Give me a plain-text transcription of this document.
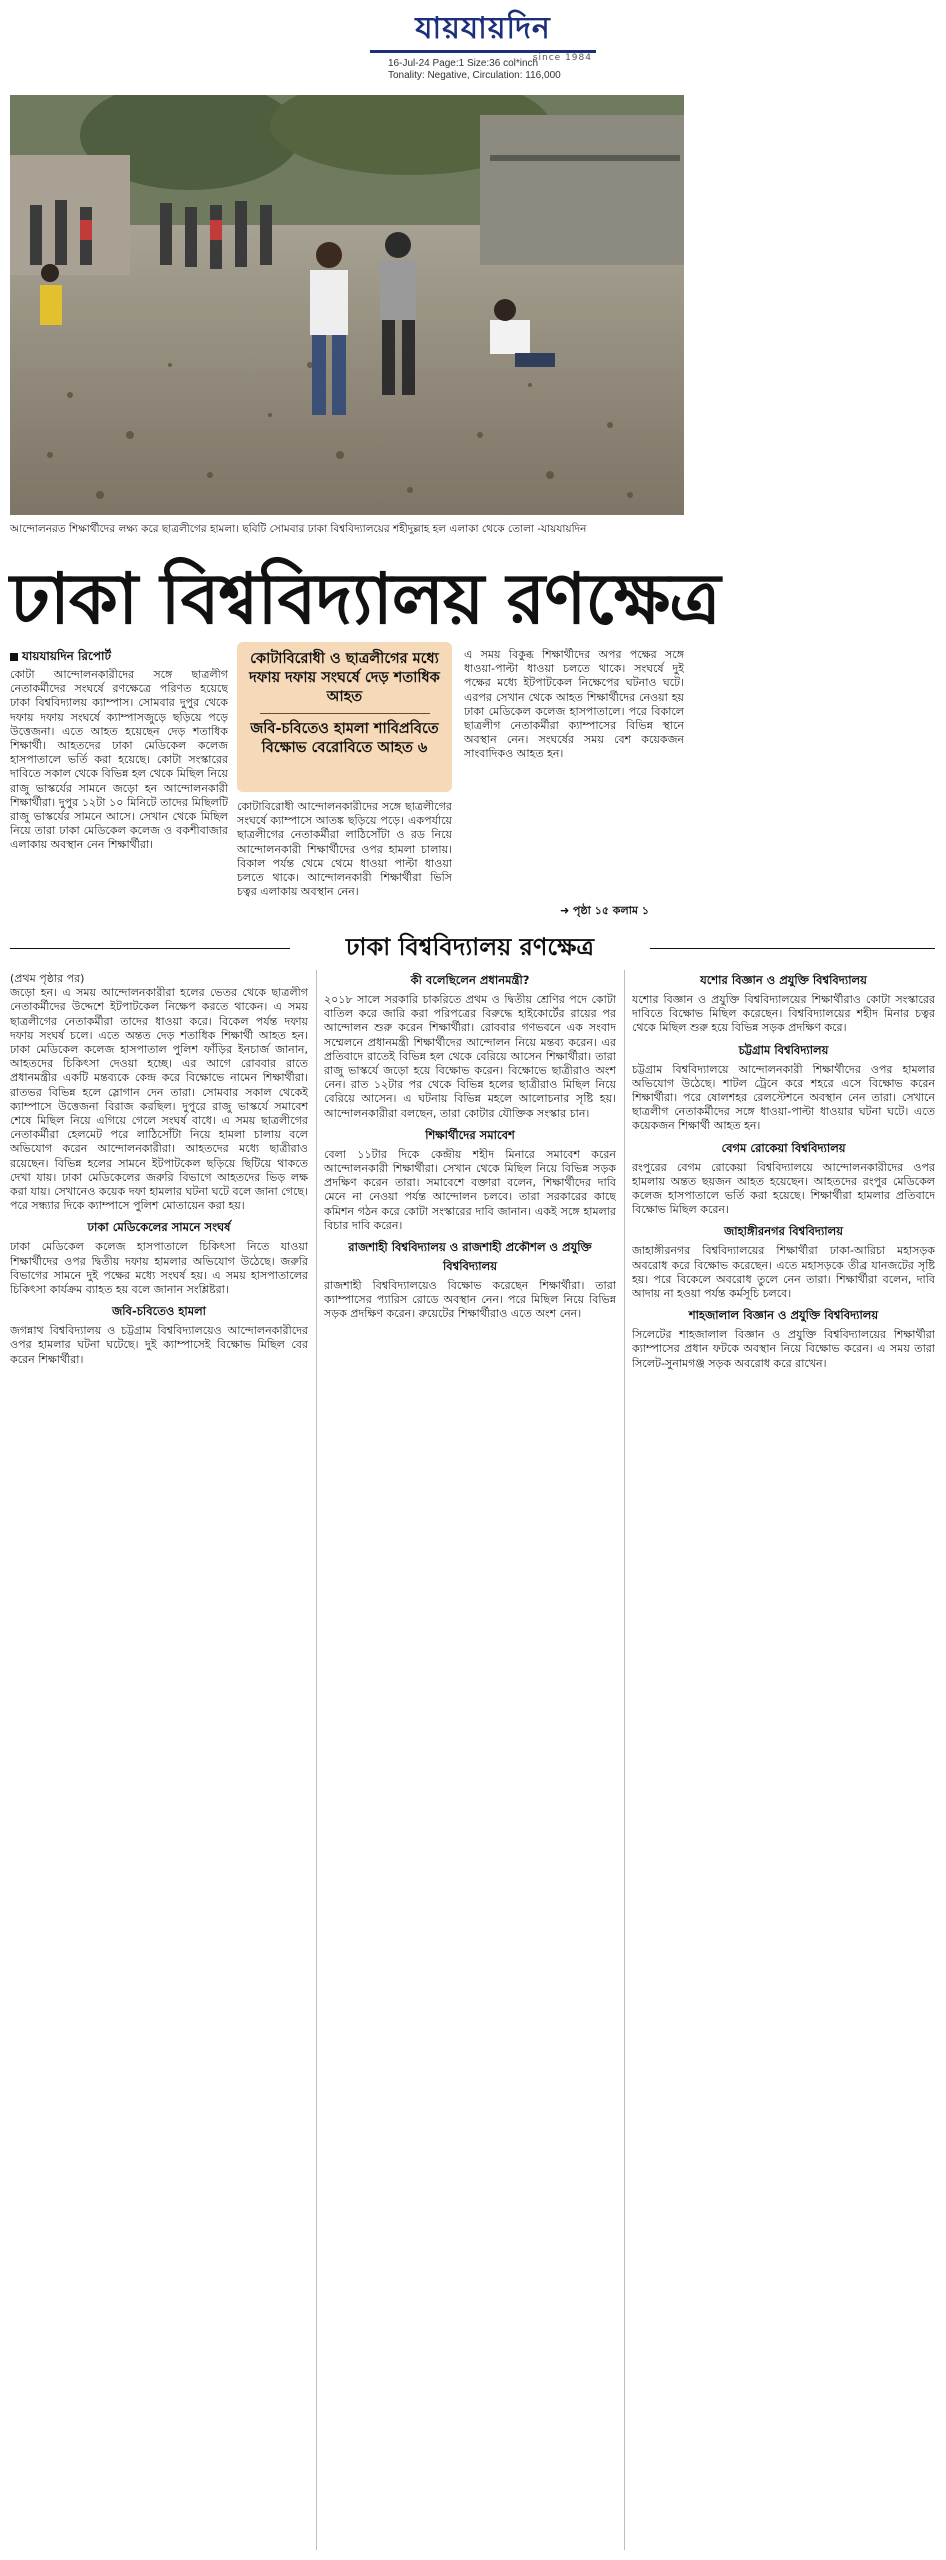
যায়যায়দিন
since 1984
16-Jul-24 Page:1 Size:36 col*inch
Tonality: Negative, Circulation: 116,000
আন্দোলনরত শিক্ষার্থীদের লক্ষ্য করে ছাত্রলীগের হামলা। ছবিটি সোমবার ঢাকা বিশ্ববিদ্যালয়ের শহীদুল্লাহ হল এলাকা থেকে তোলা -যায়যায়দিন
ঢাকা বিশ্ববিদ্যালয় রণক্ষেত্র
যায়যায়দিন রিপোর্ট
কোটা আন্দোলনকারীদের সঙ্গে ছাত্রলীগ নেতাকর্মীদের সংঘর্ষে রণক্ষেত্রে পরিণত হয়েছে ঢাকা বিশ্ববিদ্যালয় ক্যাম্পাস। সোমবার দুপুর থেকে দফায় দফায় সংঘর্ষে ক্যাম্পাসজুড়ে ছড়িয়ে পড়ে উত্তেজনা। এতে আহত হয়েছেন দেড় শতাধিক শিক্ষার্থী। আহতদের ঢাকা মেডিকেল কলেজ হাসপাতালে ভর্তি করা হয়েছে। কোটা সংস্কারের দাবিতে সকাল থেকে বিভিন্ন হল থেকে মিছিল নিয়ে রাজু ভাস্কর্যের সামনে জড়ো হন আন্দোলনকারী শিক্ষার্থীরা। দুপুর ১২টা ১০ মিনিটে তাদের মিছিলটি রাজু ভাস্কর্যের সামনে আসে। সেখান থেকে মিছিল নিয়ে তারা ঢাকা মেডিকেল কলেজ ও বকশীবাজার এলাকায় অবস্থান নেন শিক্ষার্থীরা।
কোটাবিরোধী ও ছাত্রলীগের মধ্যে দফায় দফায় সংঘর্ষে দেড় শতাধিক আহত
জবি-চবিতেও হামলা শাবিপ্রবিতে বিক্ষোভ বেরোবিতে আহত ৬
কোটাবিরোধী আন্দোলনকারীদের সঙ্গে ছাত্রলীগের সংঘর্ষে ক্যাম্পাসে আতঙ্ক ছড়িয়ে পড়ে। একপর্যায়ে ছাত্রলীগের নেতাকর্মীরা লাঠিসোঁটা ও রড নিয়ে আন্দোলনকারী শিক্ষার্থীদের ওপর হামলা চালায়। বিকাল পর্যন্ত থেমে থেমে ধাওয়া পাল্টা ধাওয়া চলতে থাকে। আন্দোলনকারী শিক্ষার্থীরা ভিসি চত্বর এলাকায় অবস্থান নেন।
এ সময় বিকুব্ধ শিক্ষার্থীদের অপর পক্ষের সঙ্গে ধাওয়া-পাল্টা ধাওয়া চলতে থাকে। সংঘর্ষে দুই পক্ষের মধ্যে ইটপাটকেল নিক্ষেপের ঘটনাও ঘটে। এরপর সেখান থেকে আহত শিক্ষার্থীদের নেওয়া হয় ঢাকা মেডিকেল কলেজ হাসপাতালে। পরে বিকালে ছাত্রলীগ নেতাকর্মীরা ক্যাম্পাসের বিভিন্ন স্থানে অবস্থান নেন। সংঘর্ষের সময় বেশ কয়েকজন সাংবাদিকও আহত হন।
➜ পৃষ্ঠা ১৫ কলাম ১
ঢাকা বিশ্ববিদ্যালয় রণক্ষেত্র
(প্রথম পৃষ্ঠার পর)
জড়ো হন। এ সময় আন্দোলনকারীরা হলের ভেতর থেকে ছাত্রলীগ নেতাকর্মীদের উদ্দেশে ইটপাটকেল নিক্ষেপ করতে থাকেন। এ সময় ছাত্রলীগের নেতাকর্মীরা তাদের ধাওয়া করে। বিকেল পর্যন্ত দফায় দফায় সংঘর্ষ চলে। এতে অন্তত দেড় শতাধিক শিক্ষার্থী আহত হন। ঢাকা মেডিকেল কলেজ হাসপাতাল পুলিশ ফাঁড়ির ইনচার্জ জানান, আহতদের চিকিৎসা দেওয়া হচ্ছে। এর আগে রোববার রাতে প্রধানমন্ত্রীর একটি মন্তব্যকে কেন্দ্র করে বিক্ষোভে নামেন শিক্ষার্থীরা। রাতভর বিভিন্ন হলে স্লোগান দেন তারা। সোমবার সকাল থেকেই ক্যাম্পাসে উত্তেজনা বিরাজ করছিল। দুপুরে রাজু ভাস্কর্যে সমাবেশ শেষে মিছিল নিয়ে এগিয়ে গেলে সংঘর্ষ বাধে। এ সময় ছাত্রলীগের নেতাকর্মীরা হেলমেট পরে লাঠিসোঁটা নিয়ে হামলা চালায় বলে অভিযোগ করেন আন্দোলনকারীরা। আহতদের মধ্যে ছাত্রীরাও রয়েছেন। বিভিন্ন হলের সামনে ইটপাটকেল ছড়িয়ে ছিটিয়ে থাকতে দেখা যায়। ঢাকা মেডিকেলের জরুরি বিভাগে আহতদের ভিড় লক্ষ করা যায়। সেখানেও কয়েক দফা হামলার ঘটনা ঘটে বলে জানা গেছে। পরে সন্ধ্যার দিকে ক্যাম্পাসে পুলিশ মোতায়েন করা হয়।
ঢাকা মেডিকেলের সামনে সংঘর্ষ
ঢাকা মেডিকেল কলেজ হাসপাতালে চিকিৎসা নিতে যাওয়া শিক্ষার্থীদের ওপর দ্বিতীয় দফায় হামলার অভিযোগ উঠেছে। জরুরি বিভাগের সামনে দুই পক্ষের মধ্যে সংঘর্ষ হয়। এ সময় হাসপাতালের চিকিৎসা কার্যক্রম ব্যাহত হয় বলে জানান সংশ্লিষ্টরা।
জবি-চবিতেও হামলা
জগন্নাথ বিশ্ববিদ্যালয় ও চট্টগ্রাম বিশ্ববিদ্যালয়েও আন্দোলনকারীদের ওপর হামলার ঘটনা ঘটেছে। দুই ক্যাম্পাসেই বিক্ষোভ মিছিল বের করেন শিক্ষার্থীরা।
কী বলেছিলেন প্রধানমন্ত্রী?
২০১৮ সালে সরকারি চাকরিতে প্রথম ও দ্বিতীয় শ্রেণির পদে কোটা বাতিল করে জারি করা পরিপত্রের বিরুদ্ধে হাইকোর্টের রায়ের পর আন্দোলন শুরু করেন শিক্ষার্থীরা। রোববার গণভবনে এক সংবাদ সম্মেলনে প্রধানমন্ত্রী শিক্ষার্থীদের আন্দোলন নিয়ে মন্তব্য করেন। এর প্রতিবাদে রাতেই বিভিন্ন হল থেকে বেরিয়ে আসেন শিক্ষার্থীরা। তারা রাজু ভাস্কর্যে জড়ো হয়ে বিক্ষোভ করেন। বিক্ষোভে ছাত্রীরাও অংশ নেন। রাত ১২টার পর থেকে বিভিন্ন হলের ছাত্রীরাও মিছিল নিয়ে বেরিয়ে আসেন। এ ঘটনায় বিভিন্ন মহলে আলোচনার সৃষ্টি হয়। আন্দোলনকারীরা বলছেন, তারা কোটার যৌক্তিক সংস্কার চান।
শিক্ষার্থীদের সমাবেশ
বেলা ১১টার দিকে কেন্দ্রীয় শহীদ মিনারে সমাবেশ করেন আন্দোলনকারী শিক্ষার্থীরা। সেখান থেকে মিছিল নিয়ে বিভিন্ন সড়ক প্রদক্ষিণ করেন তারা। সমাবেশে বক্তারা বলেন, শিক্ষার্থীদের দাবি মেনে না নেওয়া পর্যন্ত আন্দোলন চলবে। তারা সরকারের কাছে কমিশন গঠন করে কোটা সংস্কারের দাবি জানান। একই সঙ্গে হামলার বিচার দাবি করেন।
রাজশাহী বিশ্ববিদ্যালয় ও রাজশাহী প্রকৌশল ও প্রযুক্তি বিশ্ববিদ্যালয়
রাজশাহী বিশ্ববিদ্যালয়েও বিক্ষোভ করেছেন শিক্ষার্থীরা। তারা ক্যাম্পাসের প্যারিস রোডে অবস্থান নেন। পরে মিছিল নিয়ে বিভিন্ন সড়ক প্রদক্ষিণ করেন। রুয়েটের শিক্ষার্থীরাও এতে অংশ নেন।
যশোর বিজ্ঞান ও প্রযুক্তি বিশ্ববিদ্যালয়
যশোর বিজ্ঞান ও প্রযুক্তি বিশ্ববিদ্যালয়ের শিক্ষার্থীরাও কোটা সংস্কারের দাবিতে বিক্ষোভ মিছিল করেছেন। বিশ্ববিদ্যালয়ের শহীদ মিনার চত্বর থেকে মিছিল শুরু হয়ে বিভিন্ন সড়ক প্রদক্ষিণ করে।
চট্টগ্রাম বিশ্ববিদ্যালয়
চট্টগ্রাম বিশ্ববিদ্যালয়ে আন্দোলনকারী শিক্ষার্থীদের ওপর হামলার অভিযোগ উঠেছে। শাটল ট্রেনে করে শহরে এসে বিক্ষোভ করেন শিক্ষার্থীরা। পরে ষোলশহর রেলস্টেশনে অবস্থান নেন তারা। সেখানে ছাত্রলীগ নেতাকর্মীদের সঙ্গে ধাওয়া-পাল্টা ধাওয়ার ঘটনা ঘটে। এতে কয়েকজন শিক্ষার্থী আহত হন।
বেগম রোকেয়া বিশ্ববিদ্যালয়
রংপুরের বেগম রোকেয়া বিশ্ববিদ্যালয়ে আন্দোলনকারীদের ওপর হামলায় অন্তত ছয়জন আহত হয়েছেন। আহতদের রংপুর মেডিকেল কলেজ হাসপাতালে ভর্তি করা হয়েছে। শিক্ষার্থীরা হামলার প্রতিবাদে বিক্ষোভ মিছিল করেন।
জাহাঙ্গীরনগর বিশ্ববিদ্যালয়
জাহাঙ্গীরনগর বিশ্ববিদ্যালয়ের শিক্ষার্থীরা ঢাকা-আরিচা মহাসড়ক অবরোধ করে বিক্ষোভ করেছেন। এতে মহাসড়কে তীব্র যানজটের সৃষ্টি হয়। পরে বিকেলে অবরোধ তুলে নেন তারা। শিক্ষার্থীরা বলেন, দাবি আদায় না হওয়া পর্যন্ত কর্মসূচি চলবে।
শাহজালাল বিজ্ঞান ও প্রযুক্তি বিশ্ববিদ্যালয়
সিলেটের শাহজালাল বিজ্ঞান ও প্রযুক্তি বিশ্ববিদ্যালয়ের শিক্ষার্থীরা ক্যাম্পাসের প্রধান ফটকে অবস্থান নিয়ে বিক্ষোভ করেন। এ সময় তারা সিলেট-সুনামগঞ্জ সড়ক অবরোধ করে রাখেন।
